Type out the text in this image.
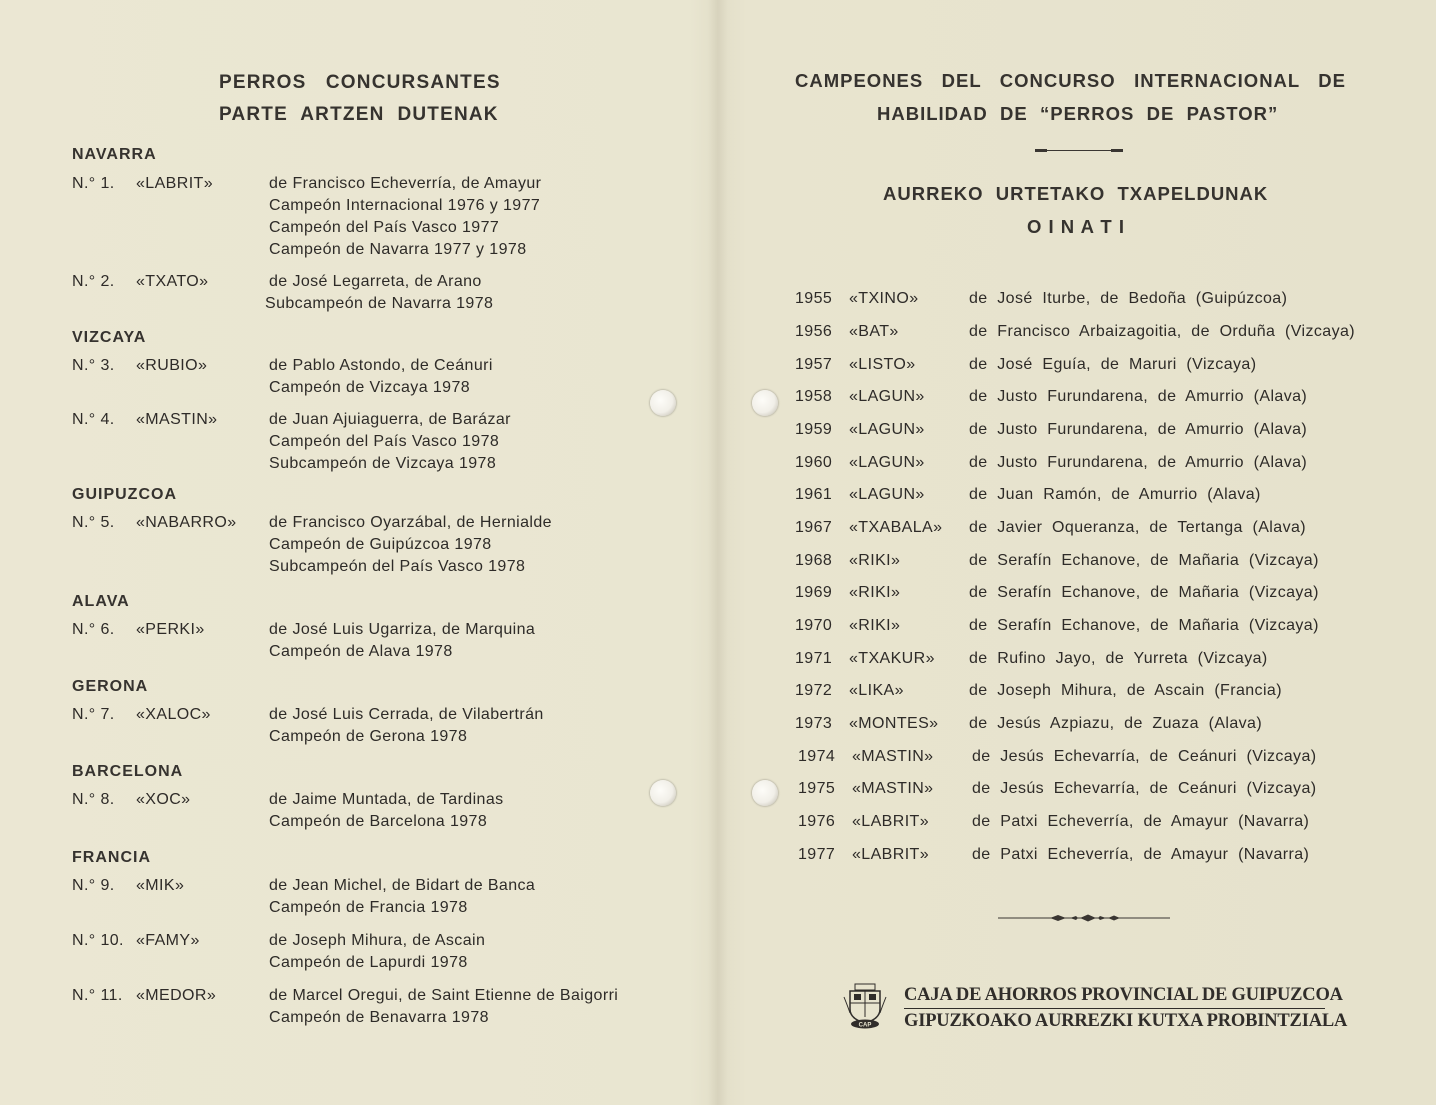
PERROS   CONCURSANTES
PARTE  ARTZEN  DUTENAK
NAVARRA
N.° 1. «LABRIT»	de Francisco Echeverría, de Amayur
Campeón Internacional 1976 y 1977
Campeón del País Vasco 1977
Campeón de Navarra 1977 y 1978
N.° 2. «TXATO»	de José Legarreta, de Arano
Subcampeón de Navarra 1978
VIZCAYA
N.° 3. «RUBIO»	de Pablo Astondo, de Ceánuri
Campeón de Vizcaya 1978
N.° 4. «MASTIN»	de Juan Ajuiaguerra, de Barázar
Campeón del País Vasco 1978
Subcampeón de Vizcaya 1978
GUIPUZCOA
N.° 5. «NABARRO» de Francisco Oyarzábal, de Hernialde
Campeón de Guipúzcoa 1978
Subcampeón del País Vasco 1978
ALAVA
N.° 6. «PERKI»	de José Luis Ugarriza, de Marquina
Campeón de Alava 1978
GERONA
N.° 7. «XALOC»	de José Luis Cerrada, de Vilabertrán
Campeón de Gerona 1978
BARCELONA
N.° 8. «XOC»	de Jaime Muntada, de Tardinas
Campeón de Barcelona 1978
FRANCIA
N.° 9. «MIK»	de Jean Michel, de Bidart de Banca
Campeón de Francia 1978
N.° 10. «FAMY»	de Joseph Mihura, de Ascain
Campeón de Lapurdi 1978
N.° 11. «MEDOR»	de Marcel Oregui, de Saint Etienne de Baigorri
Campeón de Benavarra 1978
CAMPEONES   DEL   CONCURSO   INTERNACIONAL   DE
HABILIDAD  DE  “PERROS  DE  PASTOR”
AURREKO  URTETAKO  TXAPELDUNAK
O I N A T I
1955 «TXINO»	de  José  Iturbe,  de  Bedoña  (Guipúzcoa)
1956 «BAT»	de  Francisco  Arbaizagoitia,  de  Orduña  (Vizcaya)
1957 «LISTO»	de  José  Eguía,  de  Maruri  (Vizcaya)
1958 «LAGUN»	de  Justo  Furundarena,  de  Amurrio  (Alava)
1959 «LAGUN»	de  Justo  Furundarena,  de  Amurrio  (Alava)
1960 «LAGUN»	de  Justo  Furundarena,  de  Amurrio  (Alava)
1961 «LAGUN»	de  Juan  Ramón,  de  Amurrio  (Alava)
1967 «TXABALA» de  Javier  Oqueranza,  de  Tertanga  (Alava)
1968 «RIKI»	de  Serafín  Echanove,  de  Mañaria  (Vizcaya)
1969 «RIKI»	de  Serafín  Echanove,  de  Mañaria  (Vizcaya)
1970 «RIKI»	de  Serafín  Echanove,  de  Mañaria  (Vizcaya)
1971 «TXAKUR» de  Rufino  Jayo,  de  Yurreta  (Vizcaya)
1972 «LIKA»	de  Joseph  Mihura,  de  Ascain  (Francia)
1973 «MONTES» de  Jesús  Azpiazu,  de  Zuaza  (Alava)
1974 «MASTIN» de  Jesús  Echevarría,  de  Ceánuri  (Vizcaya)
1975 «MASTIN» de  Jesús  Echevarría,  de  Ceánuri  (Vizcaya)
1976 «LABRIT»	de  Patxi  Echeverría,  de  Amayur  (Navarra)
1977 «LABRIT»	de  Patxi  Echeverría,  de  Amayur  (Navarra)
CAP
CAJA DE AHORROS PROVINCIAL DE GUIPUZCOA
GIPUZKOAKO AURREZKI KUTXA PROBINTZIALA
